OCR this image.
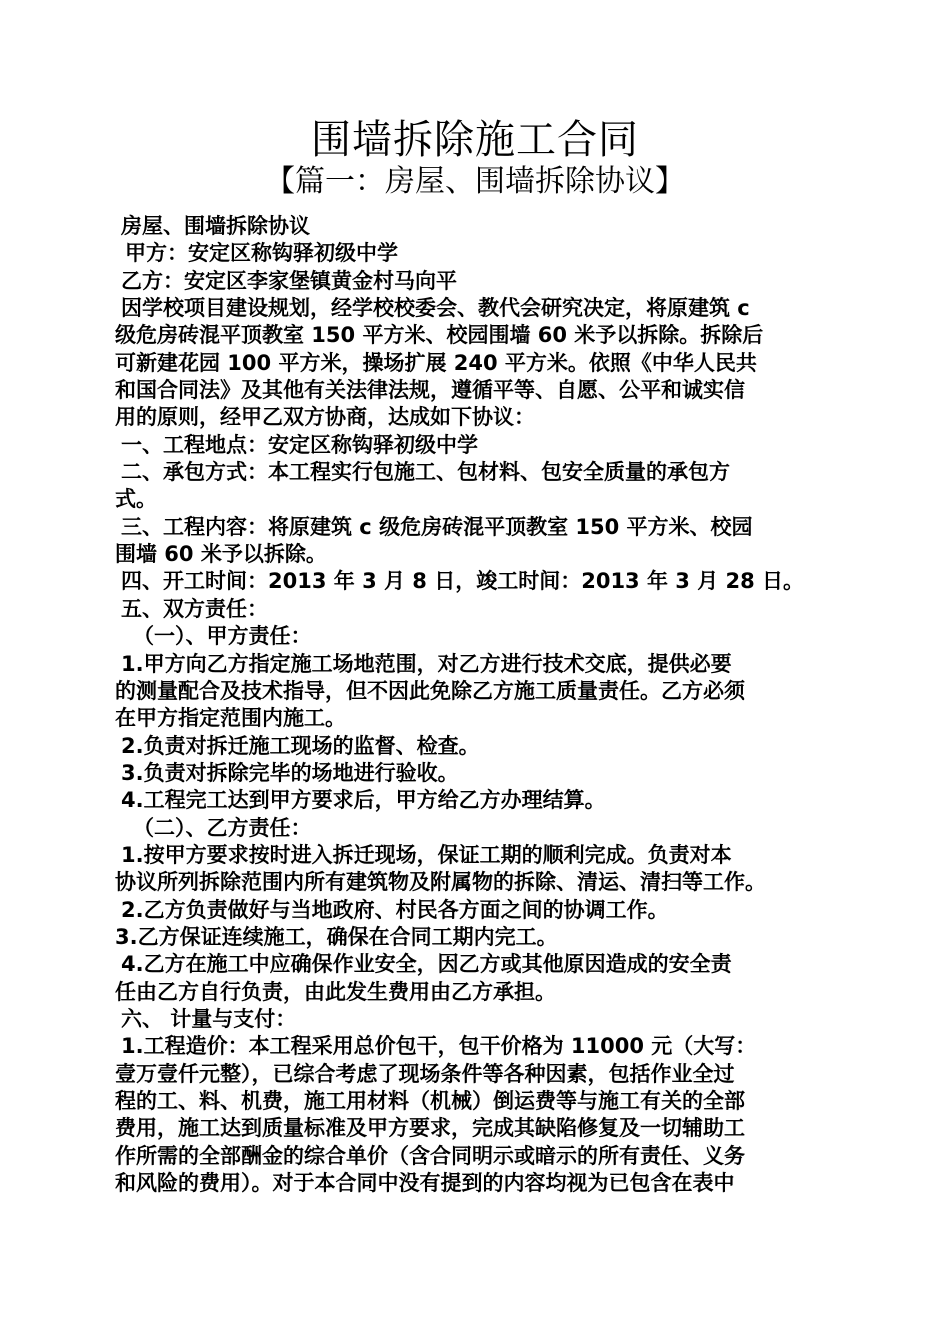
围墙拆除施工合同
【篇一：房屋、围墙拆除协议】
房屋、围墙拆除协议
甲方：安定区称钩驿初级中学
乙方：安定区李家堡镇黄金村马向平
因学校项目建设规划，经学校校委会、教代会研究决定，将原建筑 c
级危房砖混平顶教室 150 平方米、校园围墙 60 米予以拆除。拆除后
可新建花园 100 平方米，操场扩展 240 平方米。依照《中华人民共
和国合同法》及其他有关法律法规，遵循平等、自愿、公平和诚实信
用的原则，经甲乙双方协商，达成如下协议：
一、工程地点：安定区称钩驿初级中学
二、承包方式：本工程实行包施工、包材料、包安全质量的承包方
式。
三、工程内容：将原建筑 c 级危房砖混平顶教室 150 平方米、校园
围墙 60 米予以拆除。
四、开工时间：2013 年 3 月 8 日，竣工时间：2013 年 3 月 28 日。
五、双方责任：
（一）、甲方责任：
1.甲方向乙方指定施工场地范围，对乙方进行技术交底，提供必要
的测量配合及技术指导，但不因此免除乙方施工质量责任。乙方必须
在甲方指定范围内施工。
2.负责对拆迁施工现场的监督、检查。
3.负责对拆除完毕的场地进行验收。
4.工程完工达到甲方要求后，甲方给乙方办理结算。
（二）、乙方责任：
1.按甲方要求按时进入拆迁现场，保证工期的顺利完成。负责对本
协议所列拆除范围内所有建筑物及附属物的拆除、清运、清扫等工作。
2.乙方负责做好与当地政府、村民各方面之间的协调工作。
3.乙方保证连续施工，确保在合同工期内完工。
4.乙方在施工中应确保作业安全，因乙方或其他原因造成的安全责
任由乙方自行负责，由此发生费用由乙方承担。
六、 计量与支付：
1.工程造价：本工程采用总价包干，包干价格为 11000 元（大写：
壹万壹仟元整），已综合考虑了现场条件等各种因素，包括作业全过
程的工、料、机费，施工用材料（机械）倒运费等与施工有关的全部
费用，施工达到质量标准及甲方要求，完成其缺陷修复及一切辅助工
作所需的全部酬金的综合单价（含合同明示或暗示的所有责任、义务
和风险的费用）。对于本合同中没有提到的内容均视为已包含在表中
